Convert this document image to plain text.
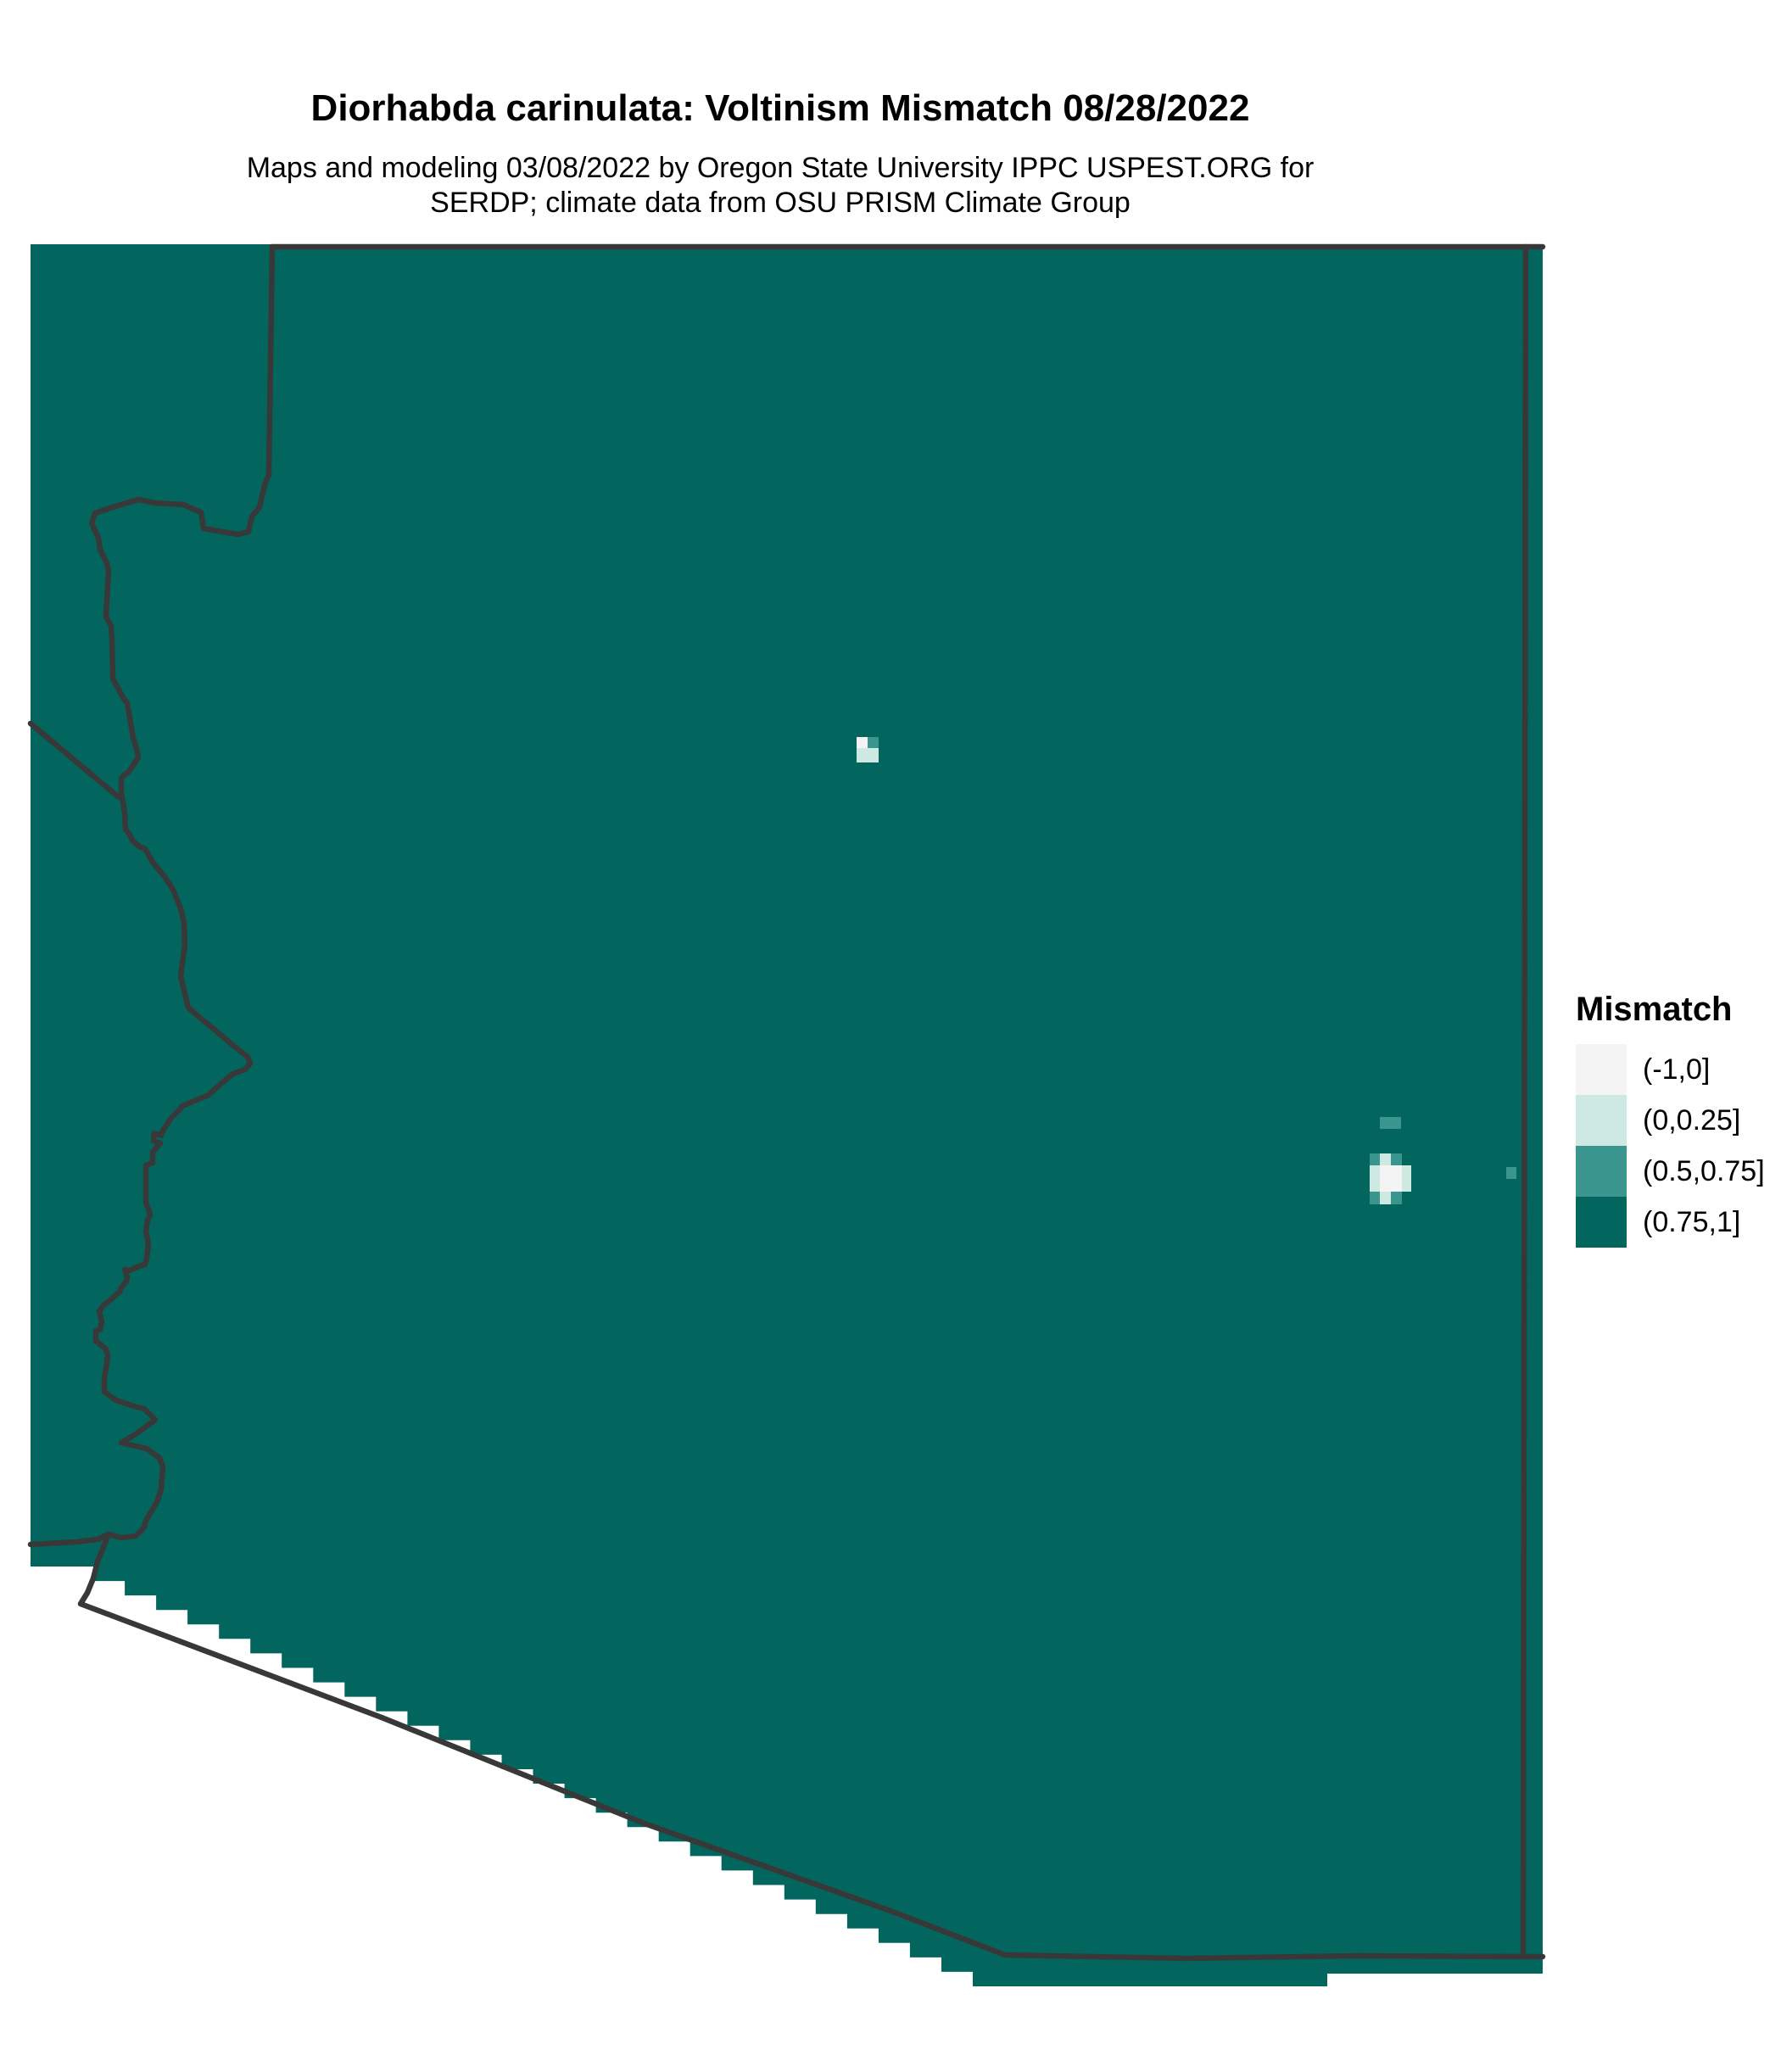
Diorhabda carinulata: Voltinism Mismatch 08/28/2022
Maps and modeling 03/08/2022 by Oregon State University IPPC USPEST.ORG for
SERDP; climate data from OSU PRISM Climate Group
Mismatch
(-1,0]
(0,0.25]
(0.5,0.75]
(0.75,1]
